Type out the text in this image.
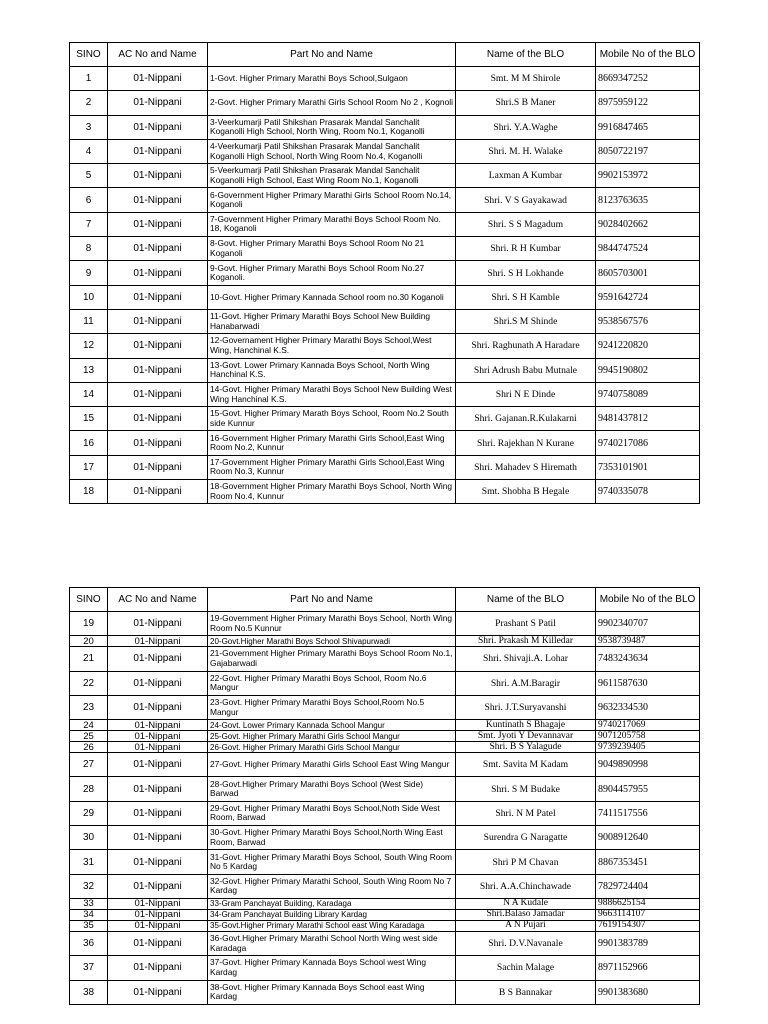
SINO	AC No and Name	Part No and Name	Name of the BLO	Mobile No of the BLO
1	01-Nippani	1-Govt. Higher Primary Marathi Boys School,Sulgaon	Smt. M M Shirole	8669347252
2	01-Nippani	2-Govt. Higher Primary Marathi Girls School Room No 2 , Kognoli	Shri.S B Maner	8975959122
3	01-Nippani	3-Veerkumarji Patil Shikshan Prasarak Mandal Sanchalit Koganolli High School, North Wing, Room No.1, Koganolli	Shri. Y.A.Waghe	9916847465
4	01-Nippani	4-Veerkumarji Patil Shikshan Prasarak Mandal Sanchalit Koganolli High School, North Wing Room No.4, Koganolli	Shri. M. H. Walake	8050722197
5	01-Nippani	5-Veerkumarji Patil Shikshan Prasarak Mandal Sanchalit Koganolli High School, East Wing Room No.1, Koganolli	Laxman A Kumbar	9902153972
6	01-Nippani	6-Government Higher Primary Marathi Girls School Room No.14, Koganoli	Shri. V S Gayakawad	8123763635
7	01-Nippani	7-Government Higher Primary Marathi Boys School Room No. 18, Koganoli	Shri. S S Magadum	9028402662
8	01-Nippani	8-Govt. Higher Primary Marathi Boys School Room No 21 Koganoli	Shri. R H Kumbar	9844747524
9	01-Nippani	9-Govt. Higher Primary Marathi Boys School Room No.27 Koganoli.	Shri. S H Lokhande	8605703001
10	01-Nippani	10-Govt. Higher Primary Kannada School room no.30 Koganoli	Shri. S H Kamble	9591642724
11	01-Nippani	11-Govt. Higher Primary Marathi Boys School New Building Hanabarwadi	Shri.S M Shinde	9538567576
12	01-Nippani	12-Governament Higher Primary Marathi Boys School,West Wing, Hanchinal K.S.	Shri. Raghunath A Haradare	9241220820
13	01-Nippani	13-Govt. Lower Primary Kannada Boys School, North Wing Hanchinal K.S.	Shri Adrush Babu Mutnale	9945190802
14	01-Nippani	14-Govt. Higher Primary Marathi Boys School New Building West Wing Hanchinal K.S.	Shri N E Dinde	9740758089
15	01-Nippani	15-Govt. Higher Primary Marath Boys School, Room No.2 South side Kunnur	Shri. Gajanan.R.Kulakarni	9481437812
16	01-Nippani	16-Government Higher Primary Marathi Girls School,East Wing Room No.2, Kunnur	Shri. Rajekhan N Kurane	9740217086
17	01-Nippani	17-Government Higher Primary Marathi Girls School,East Wing Room No.3, Kunnur	Shri. Mahadev S Hiremath	7353101901
18	01-Nippani	18-Government Higher Primary Marathi Boys School, North Wing Room No.4, Kunnur	Smt. Shobha B Hegale	9740335078
SINO	AC No and Name	Part No and Name	Name of the BLO	Mobile No of the BLO
19	01-Nippani	19-Government Higher Primary Marathi Boys School, North Wing Room No.5 Kunnur	Prashant S Patil	9902340707
20	01-Nippani	20-Govt.Higher Marathi Boys School Shivapurwadi	Shri. Prakash M Killedar	9538739487
21	01-Nippani	21-Government Higher Primary Marathi Boys School Room No.1, Gajabarwadi	Shri. Shivaji.A. Lohar	7483243634
22	01-Nippani	22-Govt. Higher Primary Marathi Boys School, Room No.6 Mangur	Shri. A.M.Baragir	9611587630
23	01-Nippani	23-Govt. Higher Primary Marathi Boys School,Room No.5 Mangur	Shri. J.T.Suryavanshi	9632334530
24	01-Nippani	24-Govt. Lower Primary Kannada School Mangur	Kuntinath S Bhagaje	9740217069
25	01-Nippani	25-Govt. Higher Primary Marathi Girls School Mangur	Smt. Jyoti Y Devannavar	9071205758
26	01-Nippani	26-Govt. Higher Primary Marathi Girls School Mangur	Shri. B S Yalagude	9739239405
27	01-Nippani	27-Govt. Higher Primary Marathi Girls School East Wing Mangur	Smt. Savita M Kadam	9049890998
28	01-Nippani	28-Govt.Higher Primary Marathi Boys School (West Side) Barwad	Shri. S M Budake	8904457955
29	01-Nippani	29-Govt. Higher Primary Marathi Boys School,Noth Side West Room, Barwad	Shri. N M Patel	7411517556
30	01-Nippani	30-Govt. Higher Primary Marathi Boys School,North Wing East Room, Barwad	Surendra G Naragatte	9008912640
31	01-Nippani	31-Govt. Higher Primary Marathi Boys School, South Wing Room No 5 Kardag	Shri P M Chavan	8867353451
32	01-Nippani	32-Govt. Higher Primary Marathi School, South Wing Room No 7 Kardag	Shri. A.A.Chinchawade	7829724404
33	01-Nippani	33-Gram Panchayat Building, Karadaga	N A Kudale	9886625154
34	01-Nippani	34-Gram Panchayat Building Library Kardag	Shri.Balaso Jamadar	9663114107
35	01-Nippani	35-Govt.Higher Primary Marathi School east Wing Karadaga	A N Pujari	7619154307
36	01-Nippani	36-Govt.Higher Primary Marathi School North Wing west side Karadaga	Shri. D.V.Navanale	9901383789
37	01-Nippani	37-Govt. Higher Primary Kannada Boys School west Wing Kardag	Sachin Malage	8971152966
38	01-Nippani	38-Govt. Higher Primary Kannada Boys School east Wing Kardag	B S Bannakar	9901383680
